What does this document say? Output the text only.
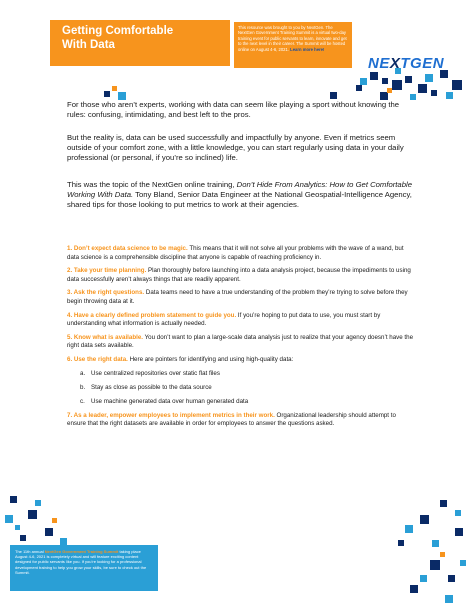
Getting Comfortable
With Data
This resource was brought to you by NextGen. The NextGen Government Training Summit is a virtual two-day training event for public servants to learn, innovate and get to the next level in their career. The Summit will be hosted online on August 4-6, 2021. Learn more here!
NEXTGEN

For those who aren’t experts, working with data can seem like playing a sport without knowing the rules: confusing, intimidating, and best left to the pros.

But the reality is, data can be used successfully and impactfully by anyone. Even if metrics seem outside of your comfort zone, with a little knowledge, you can start regularly using data in your daily professional (or personal, if you’re so inclined) life.

This was the topic of the NextGen online training, Don’t Hide From Analytics: How to Get Comfortable Working With Data. Tony Bland, Senior Data Engineer at the National Geospatial-Intelligence Agency, shared tips for those looking to put metrics to work at their agencies.

1. Don’t expect data science to be magic. This means that it will not solve all your problems with the wave of a wand, but data science is a comprehensible discipline that anyone is capable of reaching proficiency in.

2. Take your time planning. Plan thoroughly before launching into a data analysis project, because the impediments to using data successfully aren’t always things that are readily apparent.

3. Ask the right questions. Data teams need to have a true understanding of the problem they’re trying to solve before they begin throwing data at it.

4. Have a clearly defined problem statement to guide you. If you’re hoping to put data to use, you must start by understanding what information is actually needed.

5. Know what is available. You don’t want to plan a large-scale data analysis just to realize that your agency doesn’t have the right data sets available.

6. Use the right data. Here are pointers for identifying and using high-quality data:

a. Use centralized repositories over static flat files

b. Stay as close as possible to the data source

c. Use machine generated data over human generated data

7. As a leader, empower employees to implement metrics in their work. Organizational leadership should attempt to ensure that the right datasets are available in order for employees to answer the questions asked.

The 11th annual NextGen Government Training Summit taking place August 4-6, 2021 is completely virtual and will feature exciting content designed for public servants like you. If you’re looking for a professional development training to help you grow your skills, be sure to check out the Summit.
